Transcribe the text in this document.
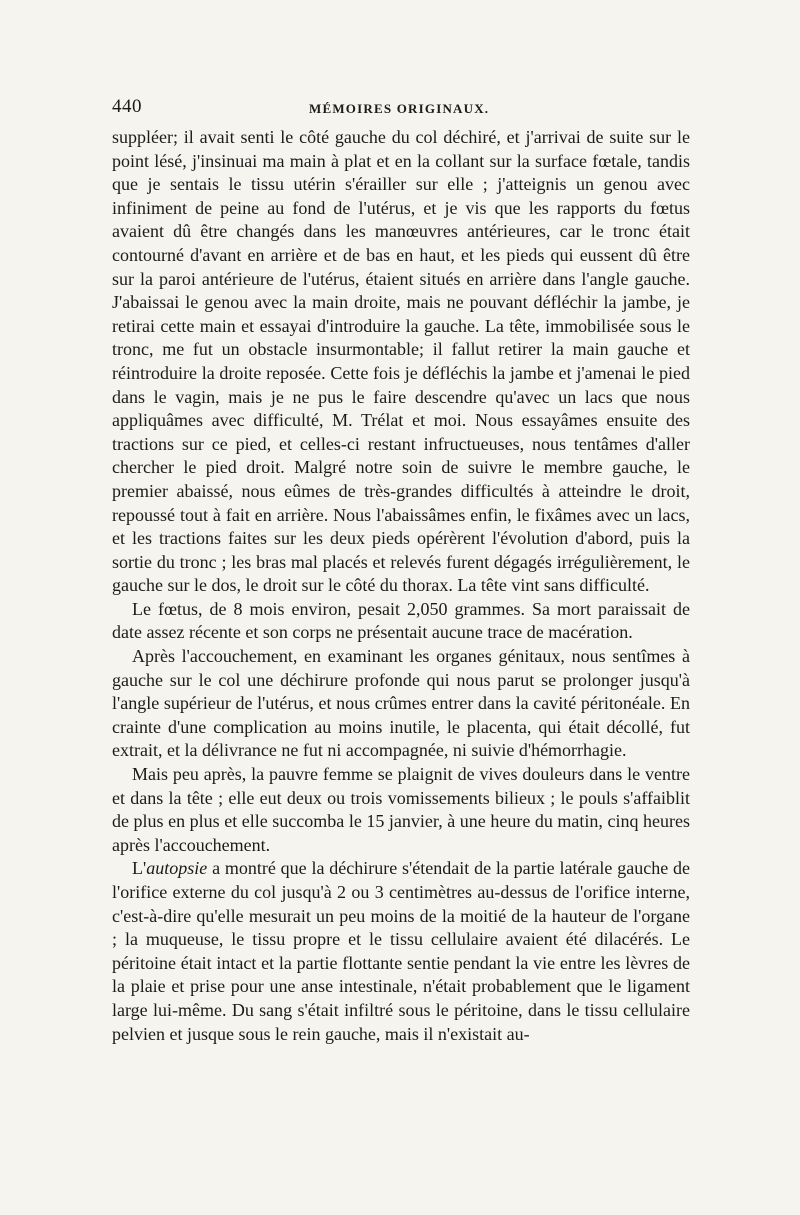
440	MÉMOIRES ORIGINAUX.

suppléer; il avait senti le côté gauche du col déchiré, et j'arrivai de suite sur le point lésé, j'insinuai ma main à plat et en la collant sur la surface fœtale, tandis que je sentais le tissu utérin s'érailler sur elle ; j'atteignis un genou avec infiniment de peine au fond de l'utérus, et je vis que les rapports du fœtus avaient dû être changés dans les manœuvres antérieures, car le tronc était contourné d'avant en arrière et de bas en haut, et les pieds qui eussent dû être sur la paroi antérieure de l'utérus, étaient situés en arrière dans l'angle gauche. J'abaissai le genou avec la main droite, mais ne pouvant défléchir la jambe, je retirai cette main et essayai d'introduire la gauche. La tête, immobilisée sous le tronc, me fut un obstacle insurmontable; il fallut retirer la main gauche et réintroduire la droite reposée. Cette fois je défléchis la jambe et j'amenai le pied dans le vagin, mais je ne pus le faire descendre qu'avec un lacs que nous appliquâmes avec difficulté, M. Trélat et moi. Nous essayâmes ensuite des tractions sur ce pied, et celles-ci restant infructueuses, nous tentâmes d'aller chercher le pied droit. Malgré notre soin de suivre le membre gauche, le premier abaissé, nous eûmes de très-grandes difficultés à atteindre le droit, repoussé tout à fait en arrière. Nous l'abaissâmes enfin, le fixâmes avec un lacs, et les tractions faites sur les deux pieds opérèrent l'évolution d'abord, puis la sortie du tronc ; les bras mal placés et relevés furent dégagés irrégulièrement, le gauche sur le dos, le droit sur le côté du thorax. La tête vint sans difficulté.

Le fœtus, de 8 mois environ, pesait 2,050 grammes. Sa mort paraissait de date assez récente et son corps ne présentait aucune trace de macération.

Après l'accouchement, en examinant les organes génitaux, nous sentîmes à gauche sur le col une déchirure profonde qui nous parut se prolonger jusqu'à l'angle supérieur de l'utérus, et nous crûmes entrer dans la cavité péritonéale. En crainte d'une complication au moins inutile, le placenta, qui était décollé, fut extrait, et la délivrance ne fut ni accompagnée, ni suivie d'hémorrhagie.

Mais peu après, la pauvre femme se plaignit de vives douleurs dans le ventre et dans la tête ; elle eut deux ou trois vomissements bilieux ; le pouls s'affaiblit de plus en plus et elle succomba le 15 janvier, à une heure du matin, cinq heures après l'accouchement.

L'autopsie a montré que la déchirure s'étendait de la partie latérale gauche de l'orifice externe du col jusqu'à 2 ou 3 centimètres au-dessus de l'orifice interne, c'est-à-dire qu'elle mesurait un peu moins de la moitié de la hauteur de l'organe ; la muqueuse, le tissu propre et le tissu cellulaire avaient été dilacérés. Le péritoine était intact et la partie flottante sentie pendant la vie entre les lèvres de la plaie et prise pour une anse intestinale, n'était probablement que le ligament large lui-même. Du sang s'était infiltré sous le péritoine, dans le tissu cellulaire pelvien et jusque sous le rein gauche, mais il n'existait au-
